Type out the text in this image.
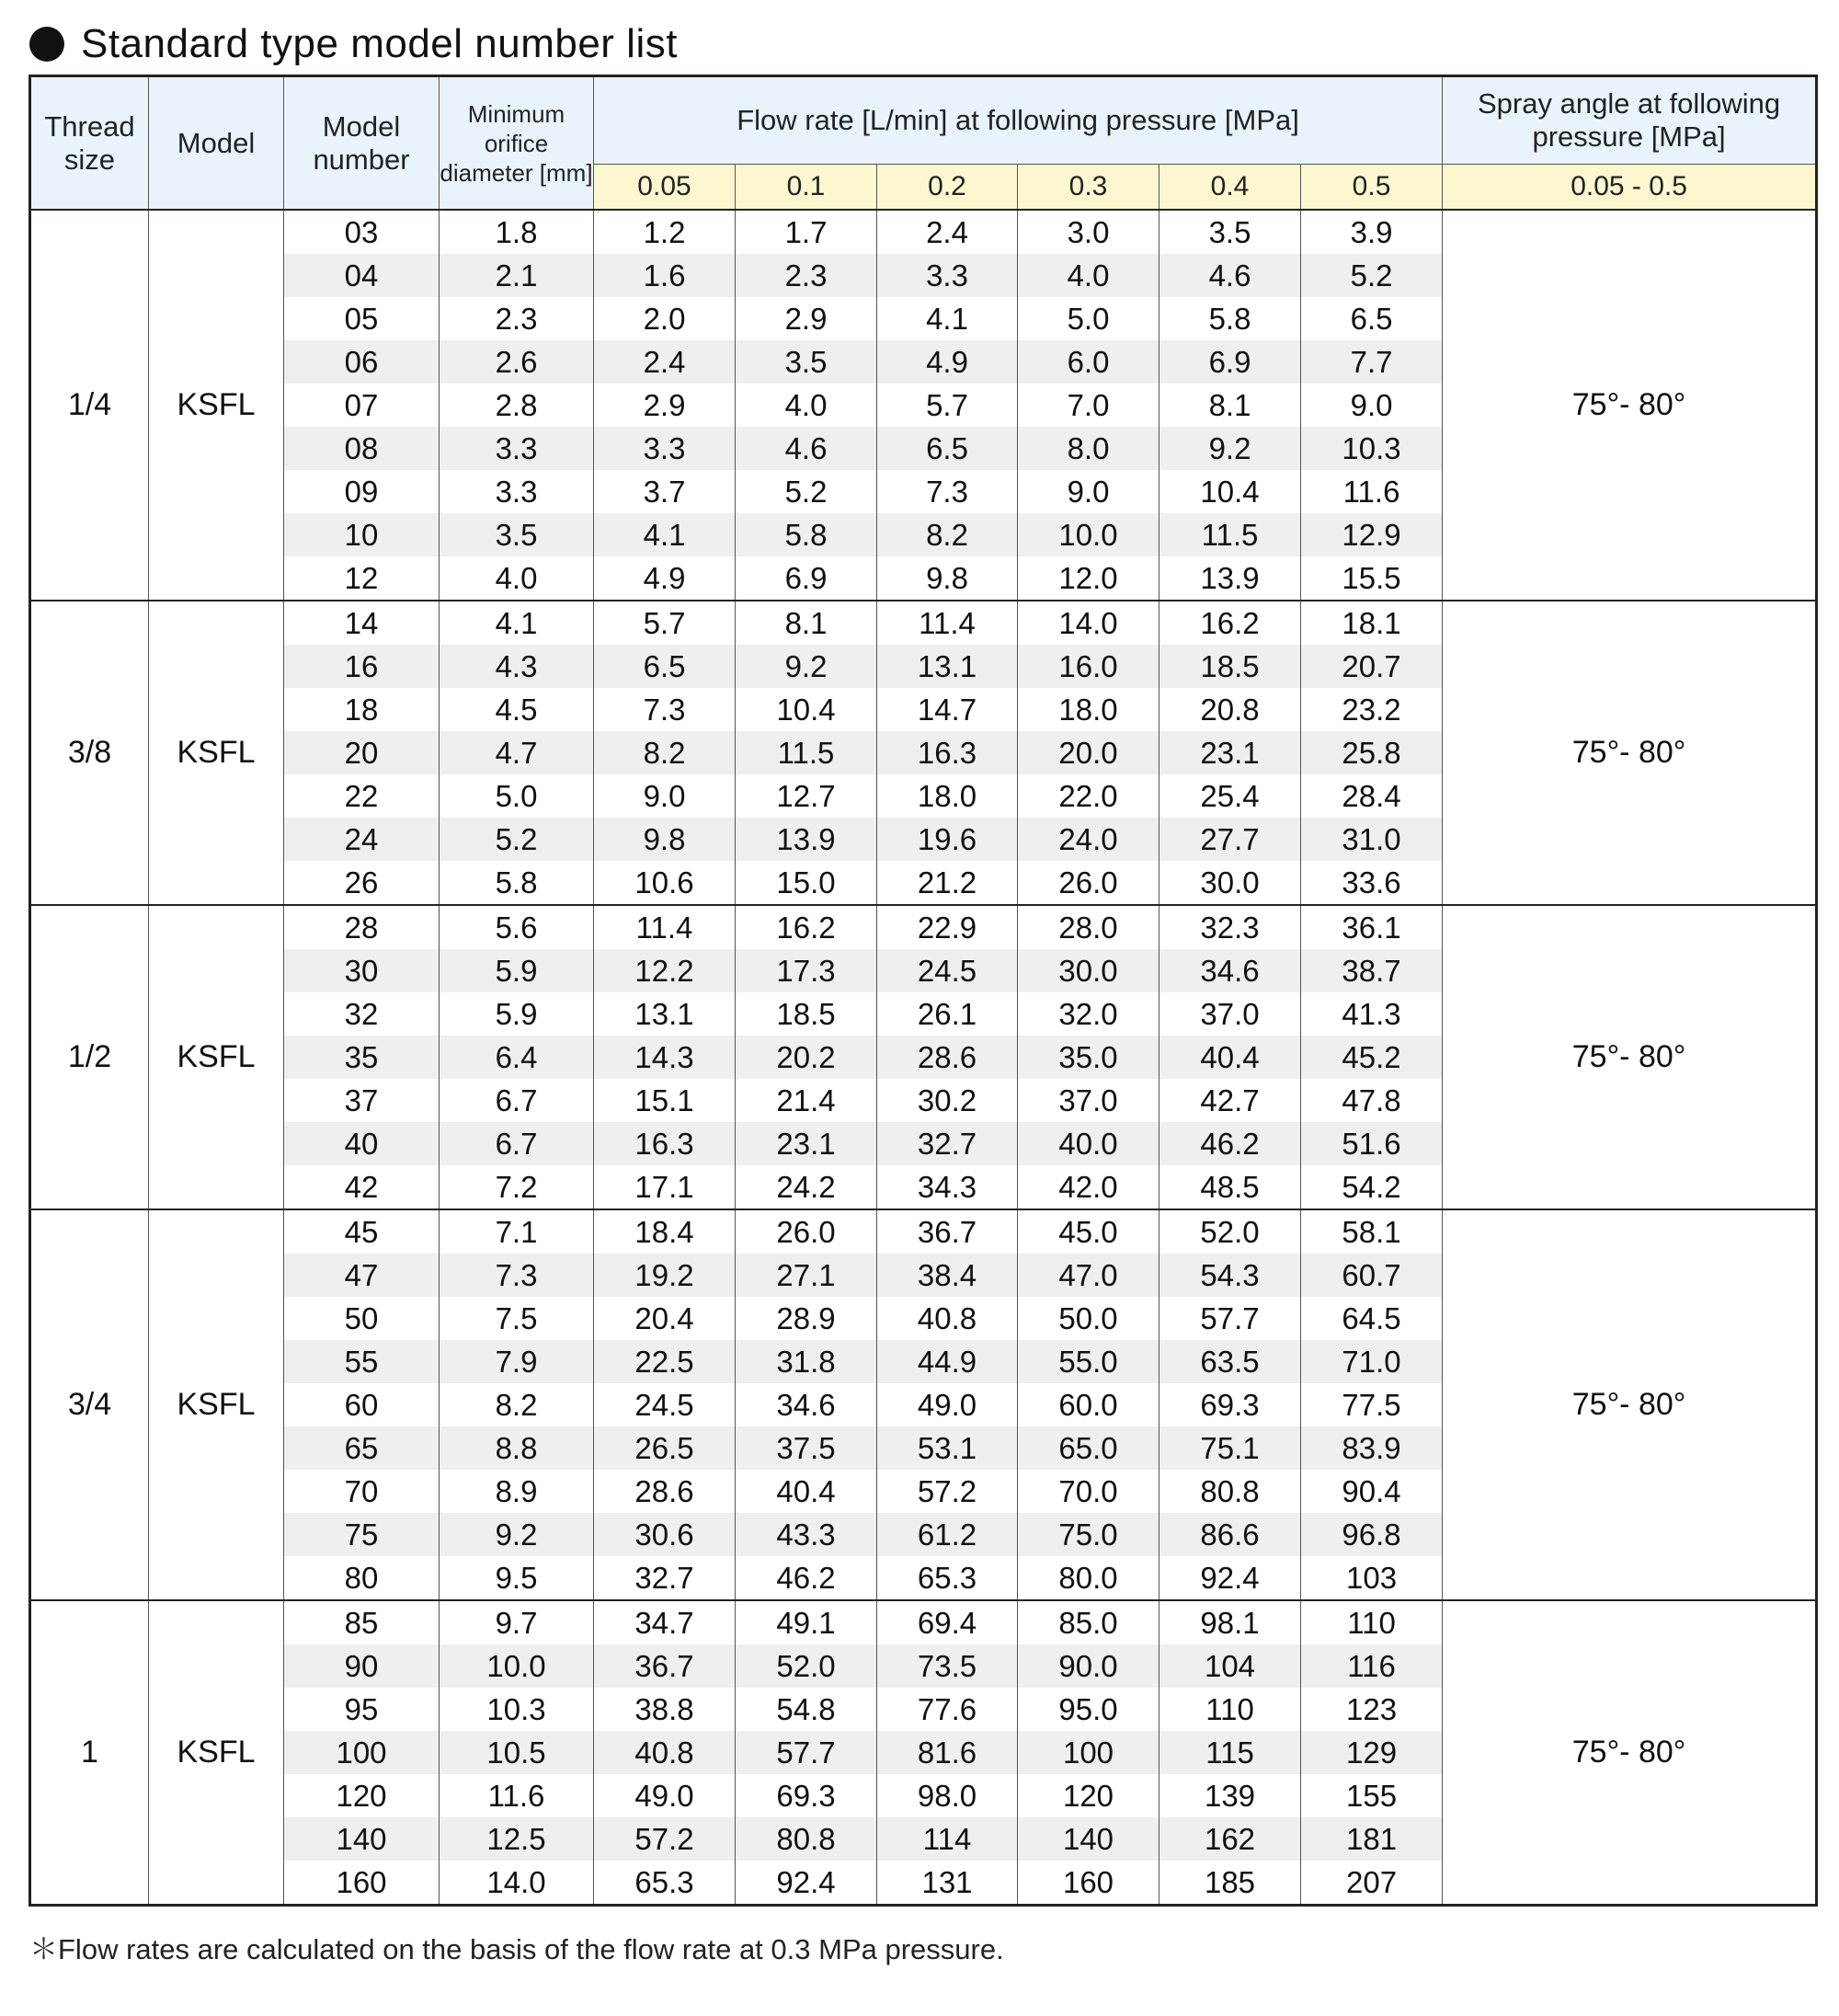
Standard type model number list
Thread size	Model	Model number	Minimum orifice diameter [mm]	Flow rate [L/min] at following pressure [MPa]						Spray angle at following pressure [MPa]
				0.05	0.1	0.2	0.3	0.4	0.5	0.05 - 0.5
1/4	KSFL	03	1.8	1.2	1.7	2.4	3.0	3.5	3.9	75°- 80°
		04	2.1	1.6	2.3	3.3	4.0	4.6	5.2	
		05	2.3	2.0	2.9	4.1	5.0	5.8	6.5	
		06	2.6	2.4	3.5	4.9	6.0	6.9	7.7	
		07	2.8	2.9	4.0	5.7	7.0	8.1	9.0	
		08	3.3	3.3	4.6	6.5	8.0	9.2	10.3	
		09	3.3	3.7	5.2	7.3	9.0	10.4	11.6	
		10	3.5	4.1	5.8	8.2	10.0	11.5	12.9	
		12	4.0	4.9	6.9	9.8	12.0	13.9	15.5	
3/8	KSFL	14	4.1	5.7	8.1	11.4	14.0	16.2	18.1	75°- 80°
		16	4.3	6.5	9.2	13.1	16.0	18.5	20.7	
		18	4.5	7.3	10.4	14.7	18.0	20.8	23.2	
		20	4.7	8.2	11.5	16.3	20.0	23.1	25.8	
		22	5.0	9.0	12.7	18.0	22.0	25.4	28.4	
		24	5.2	9.8	13.9	19.6	24.0	27.7	31.0	
		26	5.8	10.6	15.0	21.2	26.0	30.0	33.6	
1/2	KSFL	28	5.6	11.4	16.2	22.9	28.0	32.3	36.1	75°- 80°
		30	5.9	12.2	17.3	24.5	30.0	34.6	38.7	
		32	5.9	13.1	18.5	26.1	32.0	37.0	41.3	
		35	6.4	14.3	20.2	28.6	35.0	40.4	45.2	
		37	6.7	15.1	21.4	30.2	37.0	42.7	47.8	
		40	6.7	16.3	23.1	32.7	40.0	46.2	51.6	
		42	7.2	17.1	24.2	34.3	42.0	48.5	54.2	
3/4	KSFL	45	7.1	18.4	26.0	36.7	45.0	52.0	58.1	75°- 80°
		47	7.3	19.2	27.1	38.4	47.0	54.3	60.7	
		50	7.5	20.4	28.9	40.8	50.0	57.7	64.5	
		55	7.9	22.5	31.8	44.9	55.0	63.5	71.0	
		60	8.2	24.5	34.6	49.0	60.0	69.3	77.5	
		65	8.8	26.5	37.5	53.1	65.0	75.1	83.9	
		70	8.9	28.6	40.4	57.2	70.0	80.8	90.4	
		75	9.2	30.6	43.3	61.2	75.0	86.6	96.8	
		80	9.5	32.7	46.2	65.3	80.0	92.4	103	
1	KSFL	85	9.7	34.7	49.1	69.4	85.0	98.1	110	75°- 80°
		90	10.0	36.7	52.0	73.5	90.0	104	116	
		95	10.3	38.8	54.8	77.6	95.0	110	123	
		100	10.5	40.8	57.7	81.6	100	115	129	
		120	11.6	49.0	69.3	98.0	120	139	155	
		140	12.5	57.2	80.8	114	140	162	181	
		160	14.0	65.3	92.4	131	160	185	207	
＊Flow rates are calculated on the basis of the flow rate at 0.3 MPa pressure.
